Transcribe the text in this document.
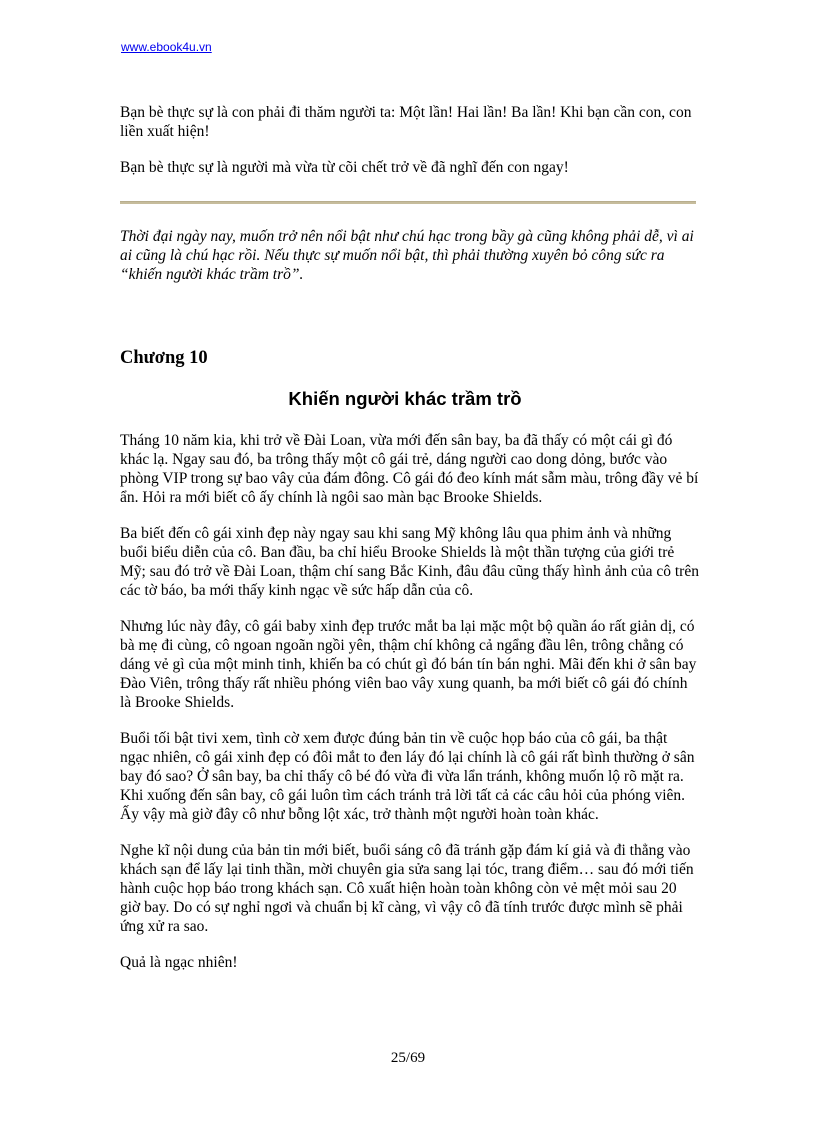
www.ebook4u.vn

Bạn bè thực sự là con phải đi thăm người ta: Một lần! Hai lần! Ba lần! Khi bạn cần con, con liền xuất hiện!

Bạn bè thực sự là người mà vừa từ cõi chết trở về đã nghĩ đến con ngay!

Thời đại ngày nay, muốn trở nên nổi bật như chú hạc trong bầy gà cũng không phải dễ, vì ai ai cũng là chú hạc rồi. Nếu thực sự muốn nổi bật, thì phải thường xuyên bỏ công sức ra “khiến người khác trầm trồ”.

Chương 10

Khiến người khác trầm trồ

Tháng 10 năm kia, khi trở về Đài Loan, vừa mới đến sân bay, ba đã thấy có một cái gì đó khác lạ. Ngay sau đó, ba trông thấy một cô gái trẻ, dáng người cao dong dỏng, bước vào phòng VIP trong sự bao vây của đám đông. Cô gái đó đeo kính mát sẫm màu, trông đầy vẻ bí ẩn. Hỏi ra mới biết cô ấy chính là ngôi sao màn bạc Brooke Shields.

Ba biết đến cô gái xinh đẹp này ngay sau khi sang Mỹ không lâu qua phim ảnh và những buổi biểu diễn của cô. Ban đầu, ba chỉ hiểu Brooke Shields là một thần tượng của giới trẻ Mỹ; sau đó trở về Đài Loan, thậm chí sang Bắc Kinh, đâu đâu cũng thấy hình ảnh của cô trên các tờ báo, ba mới thấy kinh ngạc về sức hấp dẫn của cô.

Nhưng lúc này đây, cô gái baby xinh đẹp trước mắt ba lại mặc một bộ quần áo rất giản dị, có bà mẹ đi cùng, cô ngoan ngoãn ngồi yên, thậm chí không cả ngẩng đầu lên, trông chẳng có dáng vẻ gì của một minh tinh, khiến ba có chút gì đó bán tín bán nghi. Mãi đến khi ở sân bay Đào Viên, trông thấy rất nhiều phóng viên bao vây xung quanh, ba mới biết cô gái đó chính là Brooke Shields.

Buổi tối bật tivi xem, tình cờ xem được đúng bản tin về cuộc họp báo của cô gái, ba thật ngạc nhiên, cô gái xinh đẹp có đôi mắt to đen láy đó lại chính là cô gái rất bình thường ở sân bay đó sao? Ở sân bay, ba chỉ thấy cô bé đó vừa đi vừa lẩn tránh, không muốn lộ rõ mặt ra. Khi xuống đến sân bay, cô gái luôn tìm cách tránh trả lời tất cả các câu hỏi của phóng viên. Ấy vậy mà giờ đây cô như bỗng lột xác, trở thành một người hoàn toàn khác.

Nghe kĩ nội dung của bản tin mới biết, buổi sáng cô đã tránh gặp đám kí giả và đi thẳng vào khách sạn để lấy lại tinh thần, mời chuyên gia sửa sang lại tóc, trang điểm… sau đó mới tiến hành cuộc họp báo trong khách sạn. Cô xuất hiện hoàn toàn không còn vẻ mệt mỏi sau 20 giờ bay. Do có sự nghỉ ngơi và chuẩn bị kĩ càng, vì vậy cô đã tính trước được mình sẽ phải ứng xử ra sao.

Quả là ngạc nhiên!

25/69
